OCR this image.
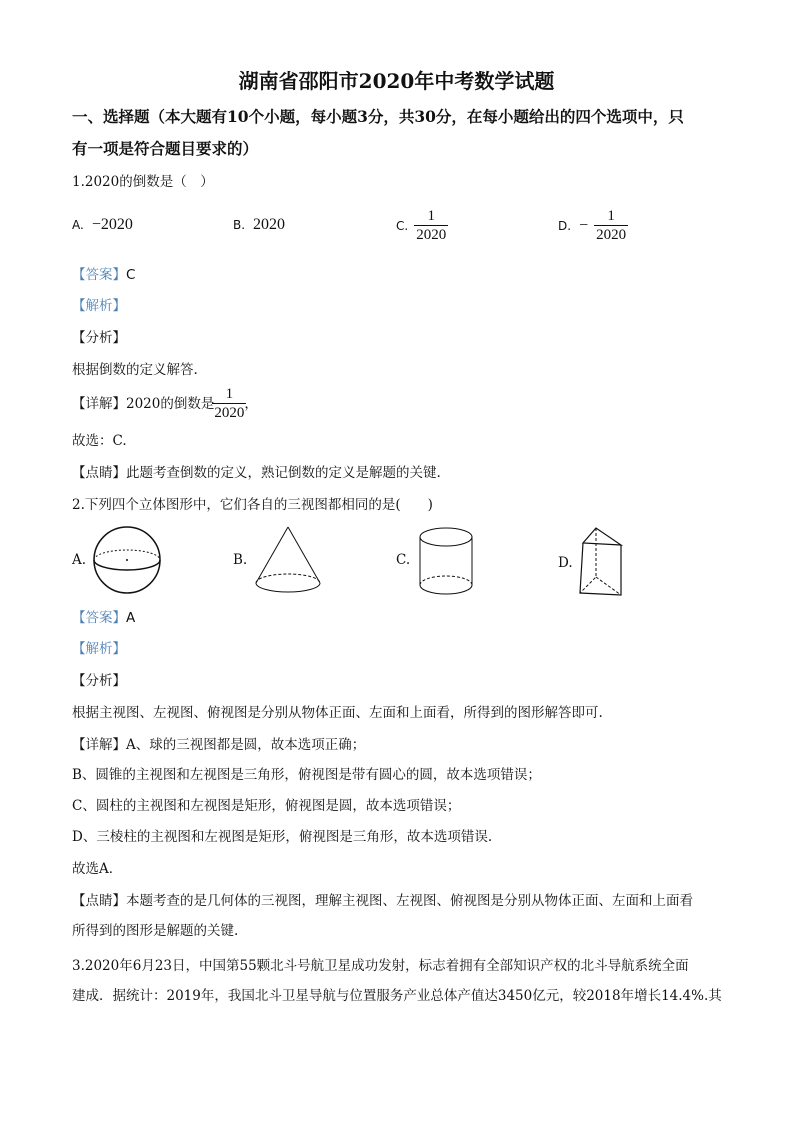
湖南省邵阳市2020年中考数学试题
一、选择题（本大题有10个小题，每小题3分，共30分，在每小题给出的四个选项中，只
有一项是符合题目要求的）
1.2020的倒数是（　）
A. −2020	B. 2020	C. $\frac{1}{2020}$	D. − $\frac{1}{2020}$
【答案】C
【解析】
【分析】
根据倒数的定义解答.
【详解】 2020的倒数是 $\frac{1}{2020}$ ，
故选：C.
【点睛】此题考查倒数的定义，熟记倒数的定义是解题的关键.
2.下列四个立体图形中，它们各自的三视图都相同的是(　　)
A.	B.	C.	D.
【答案】A
【解析】
【分析】
根据主视图、左视图、俯视图是分别从物体正面、左面和上面看，所得到的图形解答即可.
【详解】A、球的三视图都是圆，故本选项正确；
B、圆锥的主视图和左视图是三角形，俯视图是带有圆心的圆，故本选项错误；
C、圆柱的主视图和左视图是矩形，俯视图是圆，故本选项错误；
D、三棱柱的主视图和左视图是矩形，俯视图是三角形，故本选项错误.
故选A．
【点睛】本题考查的是几何体的三视图，理解主视图、左视图、俯视图是分别从物体正面、左面和上面看
所得到的图形是解题的关键.
3.2020年6月23日，中国第55颗北斗号航卫星成功发射，标志着拥有全部知识产权的北斗导航系统全面
建成．据统计：2019年，我国北斗卫星导航与位置服务产业总体产值达3450亿元，较2018年增长14.4%.其
